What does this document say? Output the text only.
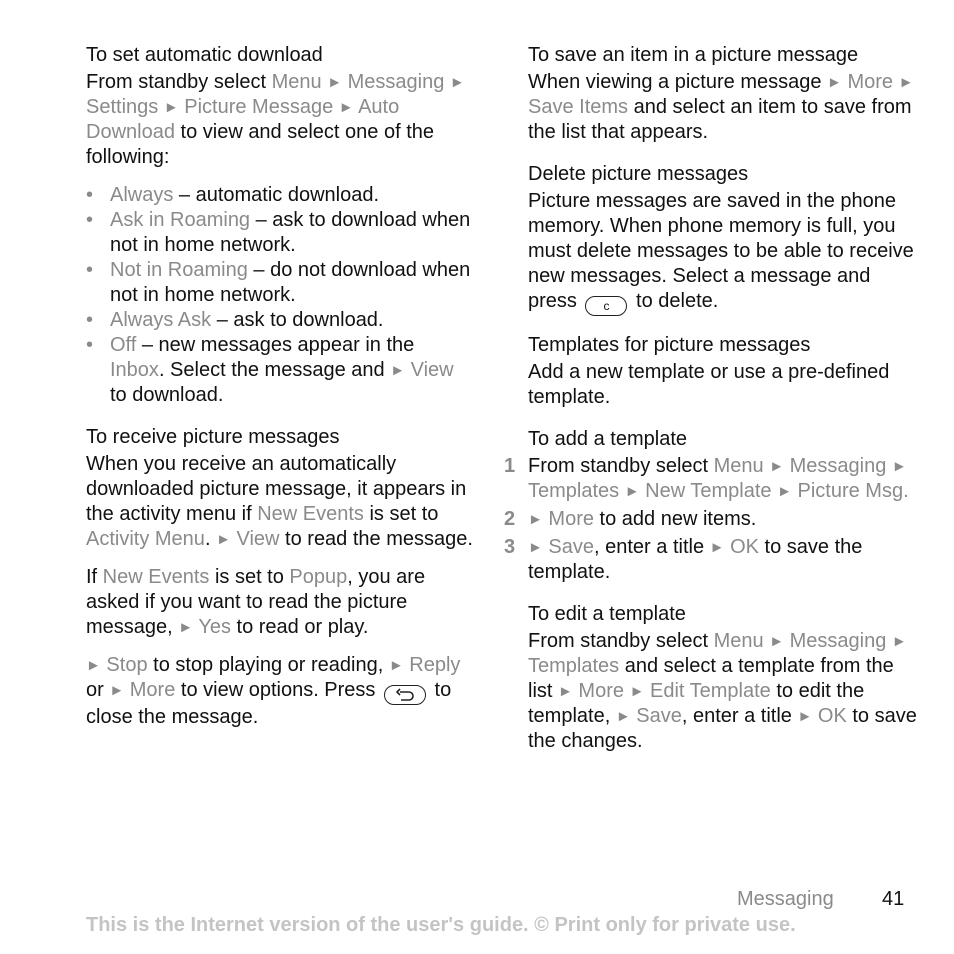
To set automatic download

From standby select Menu ► Messaging ► Settings ► Picture Message ► Auto Download to view and select one of the following:

• Always – automatic download.
• Ask in Roaming – ask to download when not in home network.
• Not in Roaming – do not download when not in home network.
• Always Ask – ask to download.
• Off – new messages appear in the Inbox. Select the message and ► View to download.
To receive picture messages

When you receive an automatically downloaded picture message, it appears in the activity menu if New Events is set to Activity Menu. ► View to read the message.

If New Events is set to Popup, you are asked if you want to read the picture message, ► Yes to read or play.

► Stop to stop playing or reading, ► Reply or ► More to view options. Press  to close the message.

To save an item in a picture message

When viewing a picture message ► More ► Save Items and select an item to save from the list that appears.

Delete picture messages

Picture messages are saved in the phone memory. When phone memory is full, you must delete messages to be able to receive new messages. Select a message and press c to delete.

Templates for picture messages

Add a new template or use a pre-defined template.

To add a template
1 From standby select Menu ► Messaging ► Templates ► New Template ► Picture Msg.
2 ► More to add new items.
3 ► Save, enter a title ► OK to save the template.
To edit a template

From standby select Menu ► Messaging ► Templates and select a template from the list ► More ► Edit Template to edit the template, ► Save, enter a title ► OK to save the changes.

Messaging 41
This is the Internet version of the user's guide. © Print only for private use.
